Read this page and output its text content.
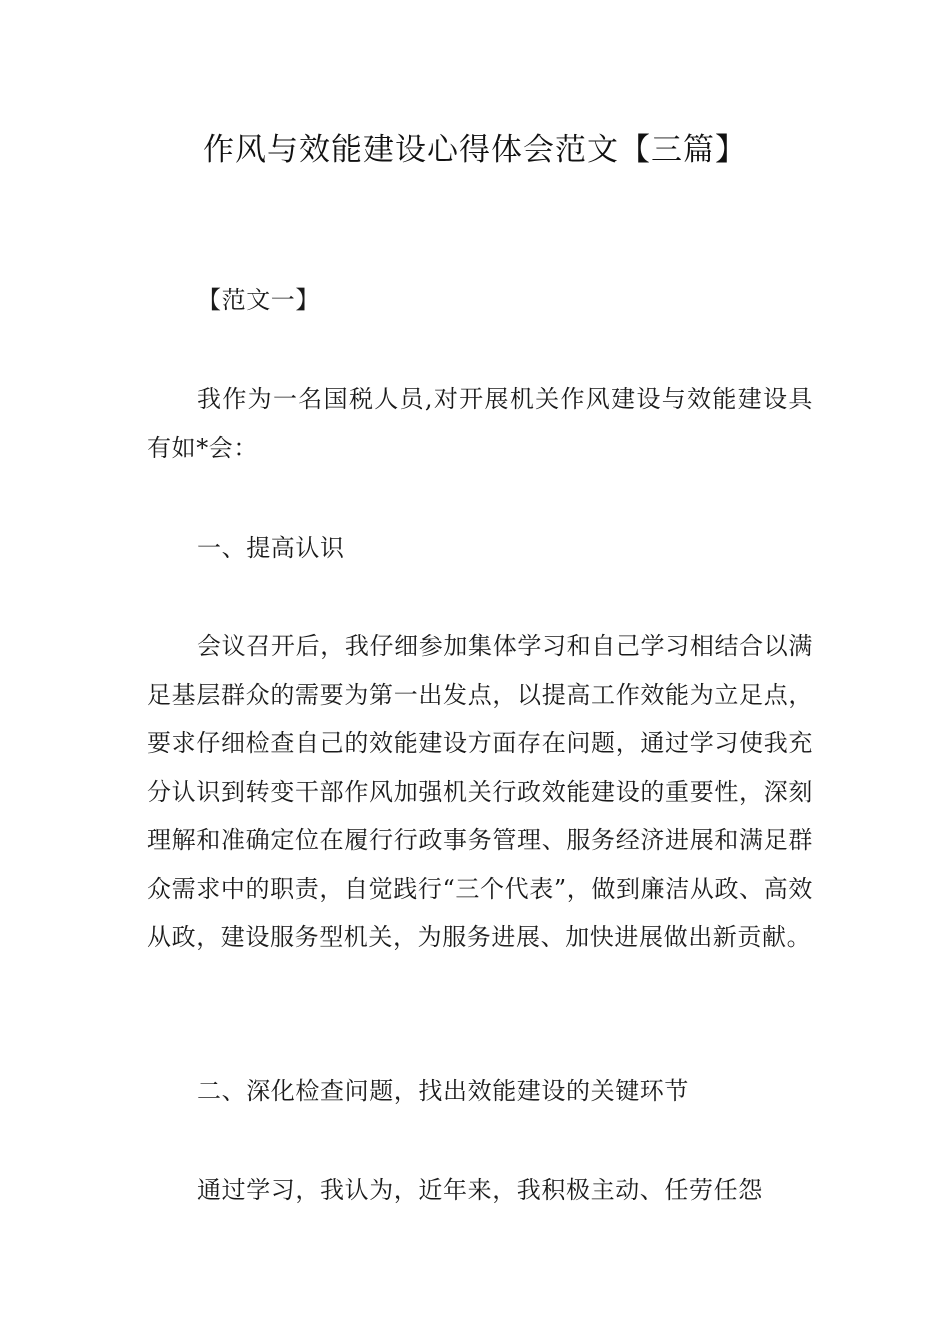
作风与效能建设心得体会范文【三篇】

【范文一】

我作为一名国税人员,对开展机关作风建设与效能建设具有如*会：

一、提高认识

会议召开后，我仔细参加集体学习和自己学习相结合以满足基层群众的需要为第一出发点，以提高工作效能为立足点，要求仔细检查自己的效能建设方面存在问题，通过学习使我充分认识到转变干部作风加强机关行政效能建设的重要性，深刻理解和准确定位在履行行政事务管理、服务经济进展和满足群众需求中的职责，自觉践行“三个代表”，做到廉洁从政、高效从政，建设服务型机关，为服务进展、加快进展做出新贡献。

二、深化检查问题，找出效能建设的关键环节

通过学习，我认为，近年来，我积极主动、任劳任怨
